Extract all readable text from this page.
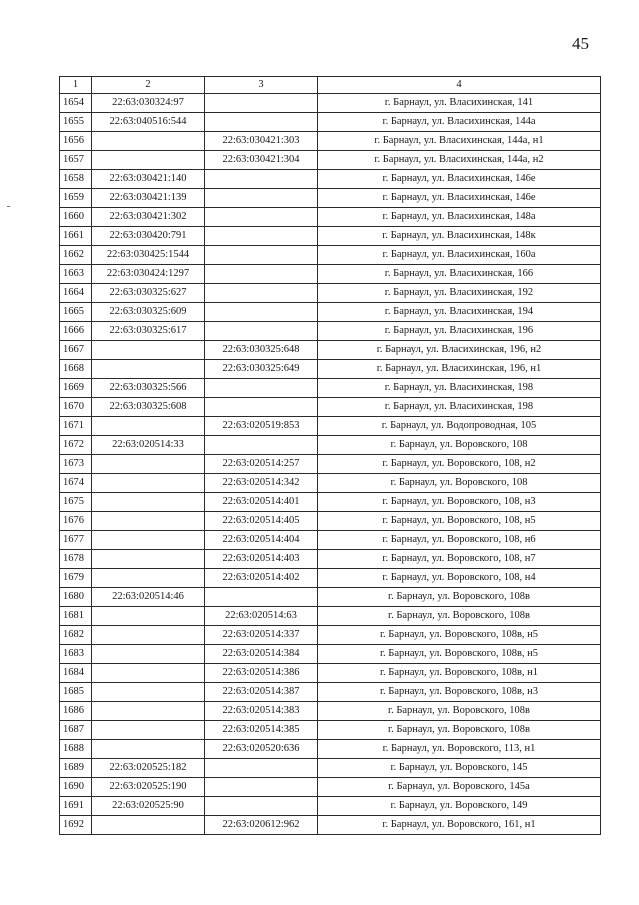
45
1	2	3	4
1654	22:63:030324:97		г. Барнаул, ул. Власихинская, 141
1655	22:63:040516:544		г. Барнаул, ул. Власихинская, 144а
1656		22:63:030421:303	г. Барнаул, ул. Власихинская, 144а, н1
1657		22:63:030421:304	г. Барнаул, ул. Власихинская, 144а, н2
1658	22:63:030421:140		г. Барнаул, ул. Власихинская, 146е
1659	22:63:030421:139		г. Барнаул, ул. Власихинская, 146е
1660	22:63:030421:302		г. Барнаул, ул. Власихинская, 148а
1661	22:63:030420:791		г. Барнаул, ул. Власихинская, 148к
1662	22:63:030425:1544		г. Барнаул, ул. Власихинская, 160а
1663	22:63:030424:1297		г. Барнаул, ул. Власихинская, 166
1664	22:63:030325:627		г. Барнаул, ул. Власихинская, 192
1665	22:63:030325:609		г. Барнаул, ул. Власихинская, 194
1666	22:63:030325:617		г. Барнаул, ул. Власихинская, 196
1667		22:63:030325:648	г. Барнаул, ул. Власихинская, 196, н2
1668		22:63:030325:649	г. Барнаул, ул. Власихинская, 196, н1
1669	22:63:030325:566		г. Барнаул, ул. Власихинская, 198
1670	22:63:030325:608		г. Барнаул, ул. Власихинская, 198
1671		22:63:020519:853	г. Барнаул, ул. Водопроводная, 105
1672	22:63:020514:33		г. Барнаул, ул. Воровского, 108
1673		22:63:020514:257	г. Барнаул, ул. Воровского, 108, н2
1674		22:63:020514:342	г. Барнаул, ул. Воровского, 108
1675		22:63:020514:401	г. Барнаул, ул. Воровского, 108, н3
1676		22:63:020514:405	г. Барнаул, ул. Воровского, 108, н5
1677		22:63:020514:404	г. Барнаул, ул. Воровского, 108, н6
1678		22:63:020514:403	г. Барнаул, ул. Воровского, 108, н7
1679		22:63:020514:402	г. Барнаул, ул. Воровского, 108, н4
1680	22:63:020514:46		г. Барнаул, ул. Воровского, 108в
1681		22:63:020514:63	г. Барнаул, ул. Воровского, 108в
1682		22:63:020514:337	г. Барнаул, ул. Воровского, 108в, н5
1683		22:63:020514:384	г. Барнаул, ул. Воровского, 108в, н5
1684		22:63:020514:386	г. Барнаул, ул. Воровского, 108в, н1
1685		22:63:020514:387	г. Барнаул, ул. Воровского, 108в, н3
1686		22:63:020514:383	г. Барнаул, ул. Воровского, 108в
1687		22:63:020514:385	г. Барнаул, ул. Воровского, 108в
1688		22:63:020520:636	г. Барнаул, ул. Воровского, 113, н1
1689	22:63:020525:182		г. Барнаул, ул. Воровского, 145
1690	22:63:020525:190		г. Барнаул, ул. Воровского, 145а
1691	22:63:020525:90		г. Барнаул, ул. Воровского, 149
1692		22:63:020612:962	г. Барнаул, ул. Воровского, 161, н1
